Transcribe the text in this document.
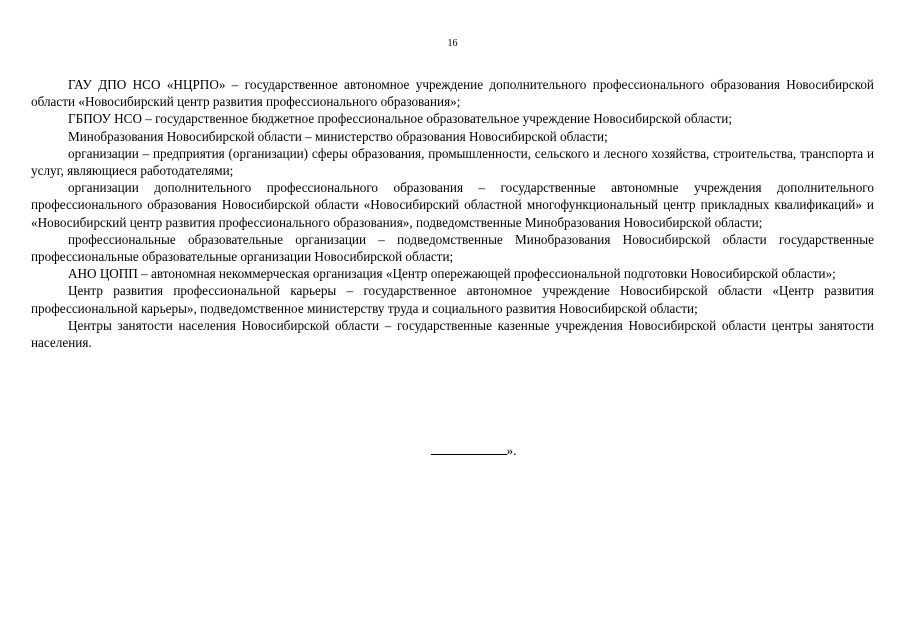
16

ГАУ ДПО НСО «НЦРПО» – государственное автономное учреждение дополнительного профессионального образования Новосибирской области «Новосибирский центр развития профессионального образования»;

ГБПОУ НСО – государственное бюджетное профессиональное образовательное учреждение Новосибирской области;

Минобразования Новосибирской области – министерство образования Новосибирской области;

организации – предприятия (организации) сферы образования, промышленности, сельского и лесного хозяйства, строительства, транспорта и услуг, являющиеся работодателями;

организации дополнительного профессионального образования – государственные автономные учреждения дополнительного профессионального образования Новосибирской области «Новосибирский областной многофункциональный центр прикладных квалификаций» и «Новосибирский центр развития профессионального образования», подведомственные Минобразования Новосибирской области;

профессиональные образовательные организации – подведомственные Минобразования Новосибирской области государственные профессиональные образовательные организации Новосибирской области;

АНО ЦОПП – автономная некоммерческая организация «Центр опережающей профессиональной подготовки Новосибирской области»;

Центр развития профессиональной карьеры – государственное автономное учреждение Новосибирской области «Центр развития профессиональной карьеры», подведомственное министерству труда и социального развития Новосибирской области;

Центры занятости населения Новосибирской области – государственные казенные учреждения Новосибирской области центры занятости населения.

».
